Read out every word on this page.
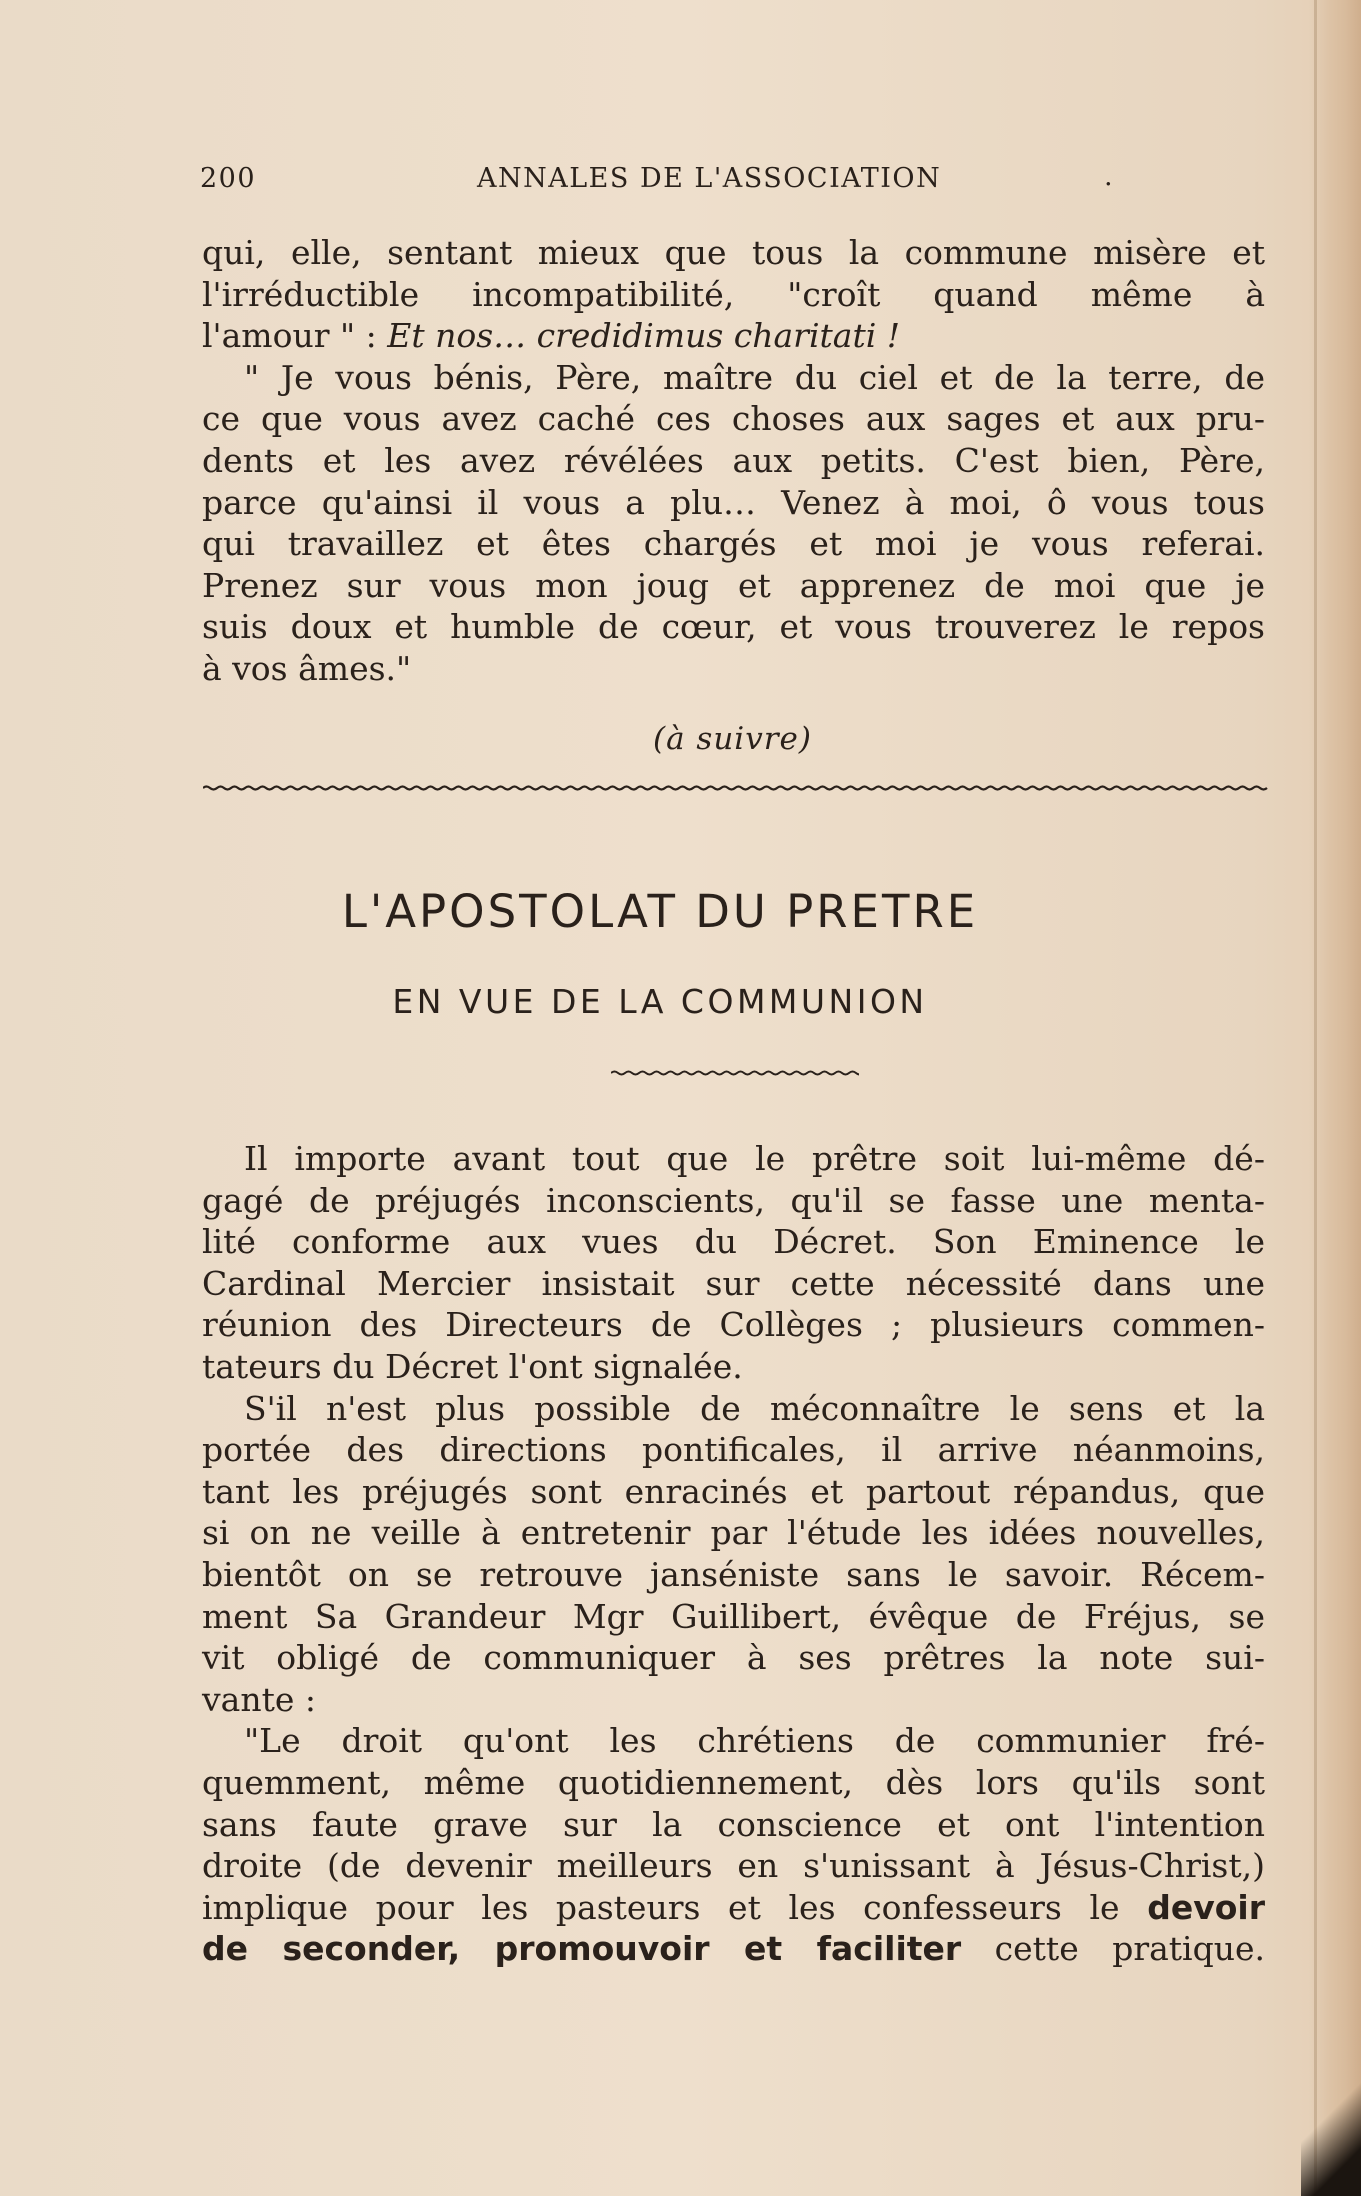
200	ANNALES DE L'ASSOCIATION	.
qui, elle, sentant mieux que tous la commune misère et
l'irréductible incompatibilité, "croît quand même à
l'amour " : Et nos… credidimus charitati !
" Je vous bénis, Père, maître du ciel et de la terre, de
ce que vous avez caché ces choses aux sages et aux pru-
dents et les avez révélées aux petits. C'est bien, Père,
parce qu'ainsi il vous a plu… Venez à moi, ô vous tous
qui travaillez et êtes chargés et moi je vous referai.
Prenez sur vous mon joug et apprenez de moi que je
suis doux et humble de cœur, et vous trouverez le repos
à vos âmes."
(à suivre)
L'APOSTOLAT DU PRETRE
EN VUE DE LA COMMUNION
Il importe avant tout que le prêtre soit lui-même dé-
gagé de préjugés inconscients, qu'il se fasse une menta-
lité conforme aux vues du Décret. Son Eminence le
Cardinal Mercier insistait sur cette nécessité dans une
réunion des Directeurs de Collèges ; plusieurs commen-
tateurs du Décret l'ont signalée.
S'il n'est plus possible de méconnaître le sens et la
portée des directions pontificales, il arrive néanmoins,
tant les préjugés sont enracinés et partout répandus, que
si on ne veille à entretenir par l'étude les idées nouvelles,
bientôt on se retrouve janséniste sans le savoir. Récem-
ment Sa Grandeur Mgr Guillibert, évêque de Fréjus, se
vit obligé de communiquer à ses prêtres la note sui-
vante :
"Le droit qu'ont les chrétiens de communier fré-
quemment, même quotidiennement, dès lors qu'ils sont
sans faute grave sur la conscience et ont l'intention
droite (de devenir meilleurs en s'unissant à Jésus-Christ,)
implique pour les pasteurs et les confesseurs le devoir
de seconder, promouvoir et faciliter cette pratique.
